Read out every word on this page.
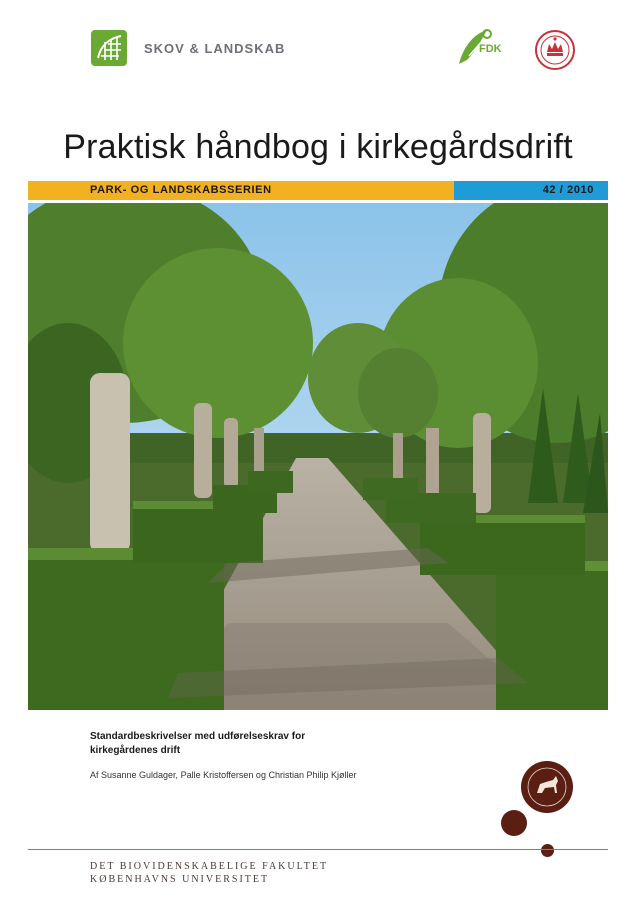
SKOV & LANDSKAB	FDK
Praktisk håndbog i kirkegårdsdrift
PARK- OG LANDSKABSSERIEN	42 / 2010
Standardbeskrivelser med udførelseskrav for
kirkegårdenes drift
Af Susanne Guldager, Palle Kristoffersen og Christian Philip Kjøller
DET BIOVIDENSKABELIGE FAKULTET
KØBENHAVNS UNIVERSITET
